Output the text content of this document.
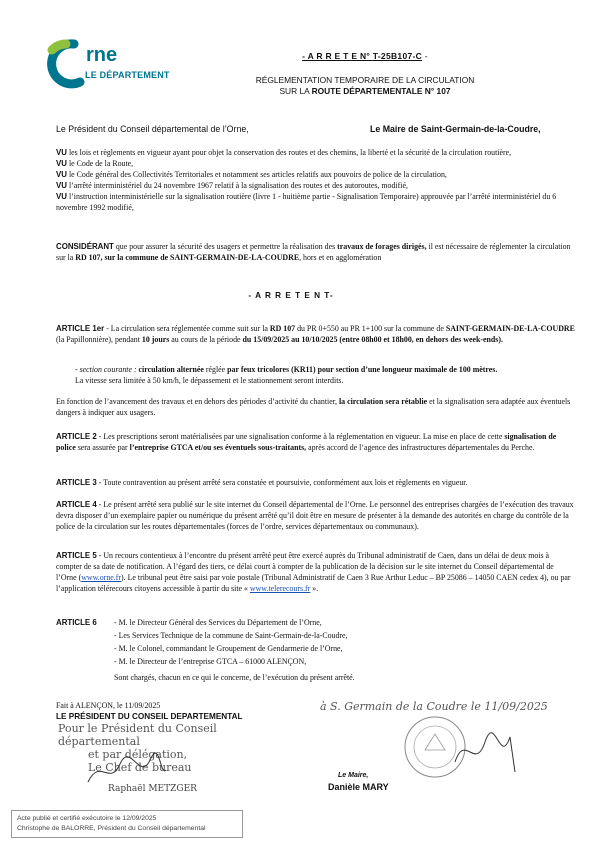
rne
LE DÉPARTEMENT
- A R R E T E N° T-25B107-C -
RÉGLEMENTATION TEMPORAIRE DE LA CIRCULATION
SUR LA ROUTE DÉPARTEMENTALE N° 107
Le Président du Conseil départemental de l’Orne,	Le Maire de Saint-Germain-de-la-Coudre,
VU les lois et règlements en vigueur ayant pour objet la conservation des routes et des chemins, la liberté et la sécurité de la circulation routière,
VU le Code de la Route,
VU le Code général des Collectivités Territoriales et notamment ses articles relatifs aux pouvoirs de police de la circulation,
VU l’arrêté interministériel du 24 novembre 1967 relatif à la signalisation des routes et des autoroutes, modifié,
VU l’instruction interministérielle sur la signalisation routière (livre 1 - huitième partie - Signalisation Temporaire) approuvée par l’arrêté interministériel du 6 novembre 1992 modifié,
CONSIDÉRANT que pour assurer la sécurité des usagers et permettre la réalisation des travaux de forages dirigés, il est nécessaire de réglementer la circulation sur la RD 107, sur la commune de SAINT-GERMAIN-DE-LA-COUDRE, hors et en agglomération
- A R R E T E N T-
ARTICLE 1er - La circulation sera réglementée comme suit sur la RD 107 du PR 0+550 au PR 1+100 sur la commune de SAINT-GERMAIN-DE-LA-COUDRE (la Papillonnière), pendant 10 jours au cours de la période du 15/09/2025 au 10/10/2025 (entre 08h00 et 18h00, en dehors des week-ends).
- section courante : circulation alternée réglée par feux tricolores (KR11) pour section d’une longueur maximale de 100 mètres.
La vitesse sera limitée à 50 km/h, le dépassement et le stationnement seront interdits.
En fonction de l’avancement des travaux et en dehors des périodes d’activité du chantier, la circulation sera rétablie et la signalisation sera adaptée aux éventuels dangers à indiquer aux usagers.
ARTICLE 2 - Les prescriptions seront matérialisées par une signalisation conforme à la réglementation en vigueur. La mise en place de cette signalisation de police sera assurée par l’entreprise GTCA et/ou ses éventuels sous-traitants, après accord de l’agence des infrastructures départementales du Perche.
ARTICLE 3 - Toute contravention au présent arrêté sera constatée et poursuivie, conformément aux lois et règlements en vigueur.
ARTICLE 4 - Le présent arrêté sera publié sur le site internet du Conseil départemental de l’Orne. Le personnel des entreprises chargées de l’exécution des travaux devra disposer d’un exemplaire papier ou numérique du présent arrêté qu’il doit être en mesure de présenter à la demande des autorités en charge du contrôle de la police de la circulation sur les routes départementales (forces de l’ordre, services départementaux ou communaux).
ARTICLE 5 - Un recours contentieux à l’encontre du présent arrêté peut être exercé auprès du Tribunal administratif de Caen, dans un délai de deux mois à compter de sa date de notification. A l’égard des tiers, ce délai court à compter de la publication de la décision sur le site internet du Conseil départemental de l’Orne (www.orne.fr). Le tribunal peut être saisi par voie postale (Tribunal Administratif de Caen 3 Rue Arthur Leduc – BP 25086 – 14050 CAEN cedex 4), ou par l’application télérecours citoyens accessible à partir du site « www.telerecours.fr ».
ARTICLE 6	- M. le Directeur Général des Services du Département de l’Orne,
- Les Services Technique de la commune de Saint-Germain-de-la-Coudre,
- M. le Colonel, commandant le Groupement de Gendarmerie de l’Orne,
- M. le Directeur de l’entreprise GTCA – 61000 ALENÇON,
Sont chargés, chacun en ce qui le concerne, de l’exécution du présent arrêté.
Fait à ALENÇON, le 11/09/2025
LE PRÉSIDENT DU CONSEIL DEPARTEMENTAL
Pour le Président du Conseil départemental
et par délégation,
Le Chef de bureau
Raphaël METZGER
à S. Germain de la Coudre le 11/09/2025
Le Maire,
Danièle MARY
Acte publié et certifié exécutoire le 12/09/2025
Christophe de BALORRE, Président du Conseil départemental
